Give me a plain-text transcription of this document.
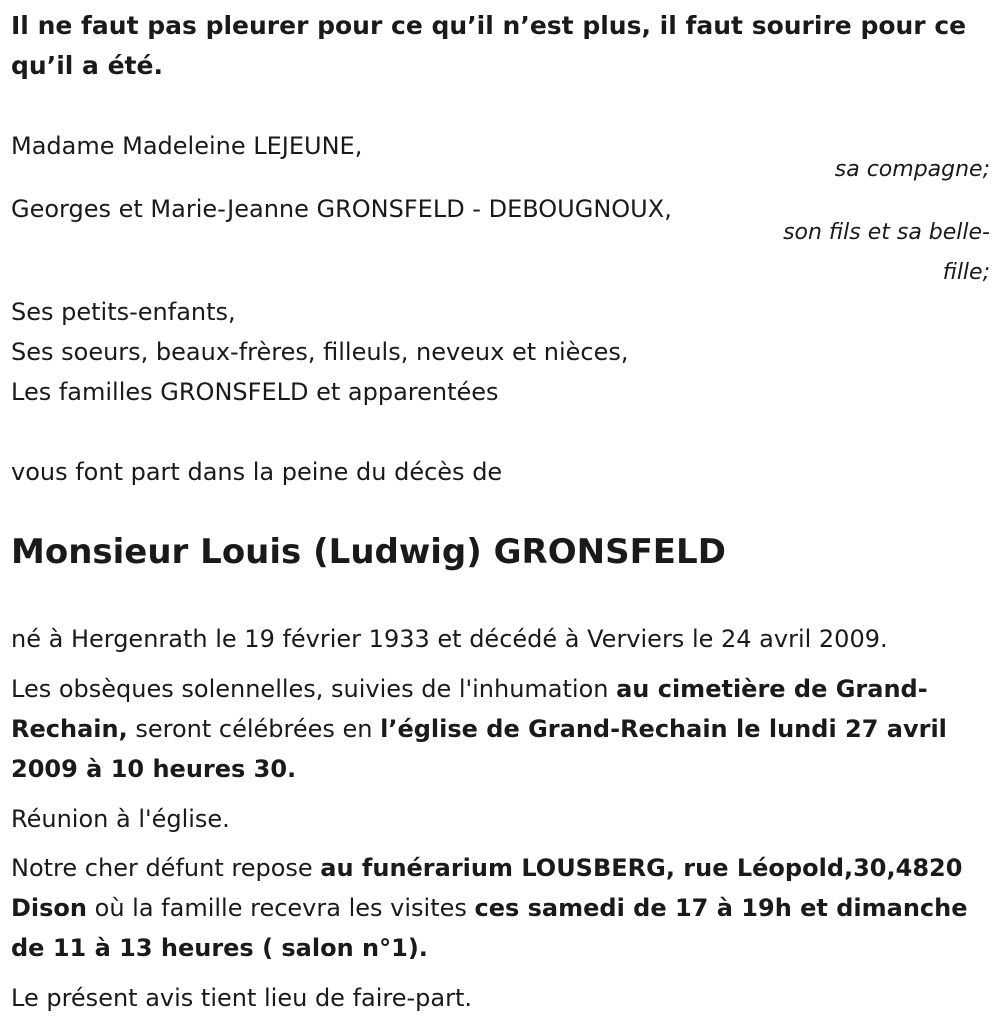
Il ne faut pas pleurer pour ce qu’il n’est plus, il faut sourire pour ce qu’il a été.

Madame Madeleine LEJEUNE,

sa compagne;

Georges et Marie-Jeanne GRONSFELD - DEBOUGNOUX,

son fils et sa belle-

fille;

Ses petits-enfants,

Ses soeurs, beaux-frères, filleuls, neveux et nièces,

Les familles GRONSFELD et apparentées

vous font part dans la peine du décès de

Monsieur Louis (Ludwig) GRONSFELD

né à Hergenrath le 19 février 1933 et décédé à Verviers le 24 avril 2009.

Les obsèques solennelles, suivies de l'inhumation au cimetière de Grand-Rechain, seront célébrées en l’église de Grand-Rechain le lundi 27 avril 2009 à 10 heures 30.

Réunion à l'église.

Notre cher défunt repose au funérarium LOUSBERG, rue Léopold,30,4820 Dison où la famille recevra les visites ces samedi de 17 à 19h et dimanche de 11 à 13 heures ( salon n°1).

Le présent avis tient lieu de faire-part.
